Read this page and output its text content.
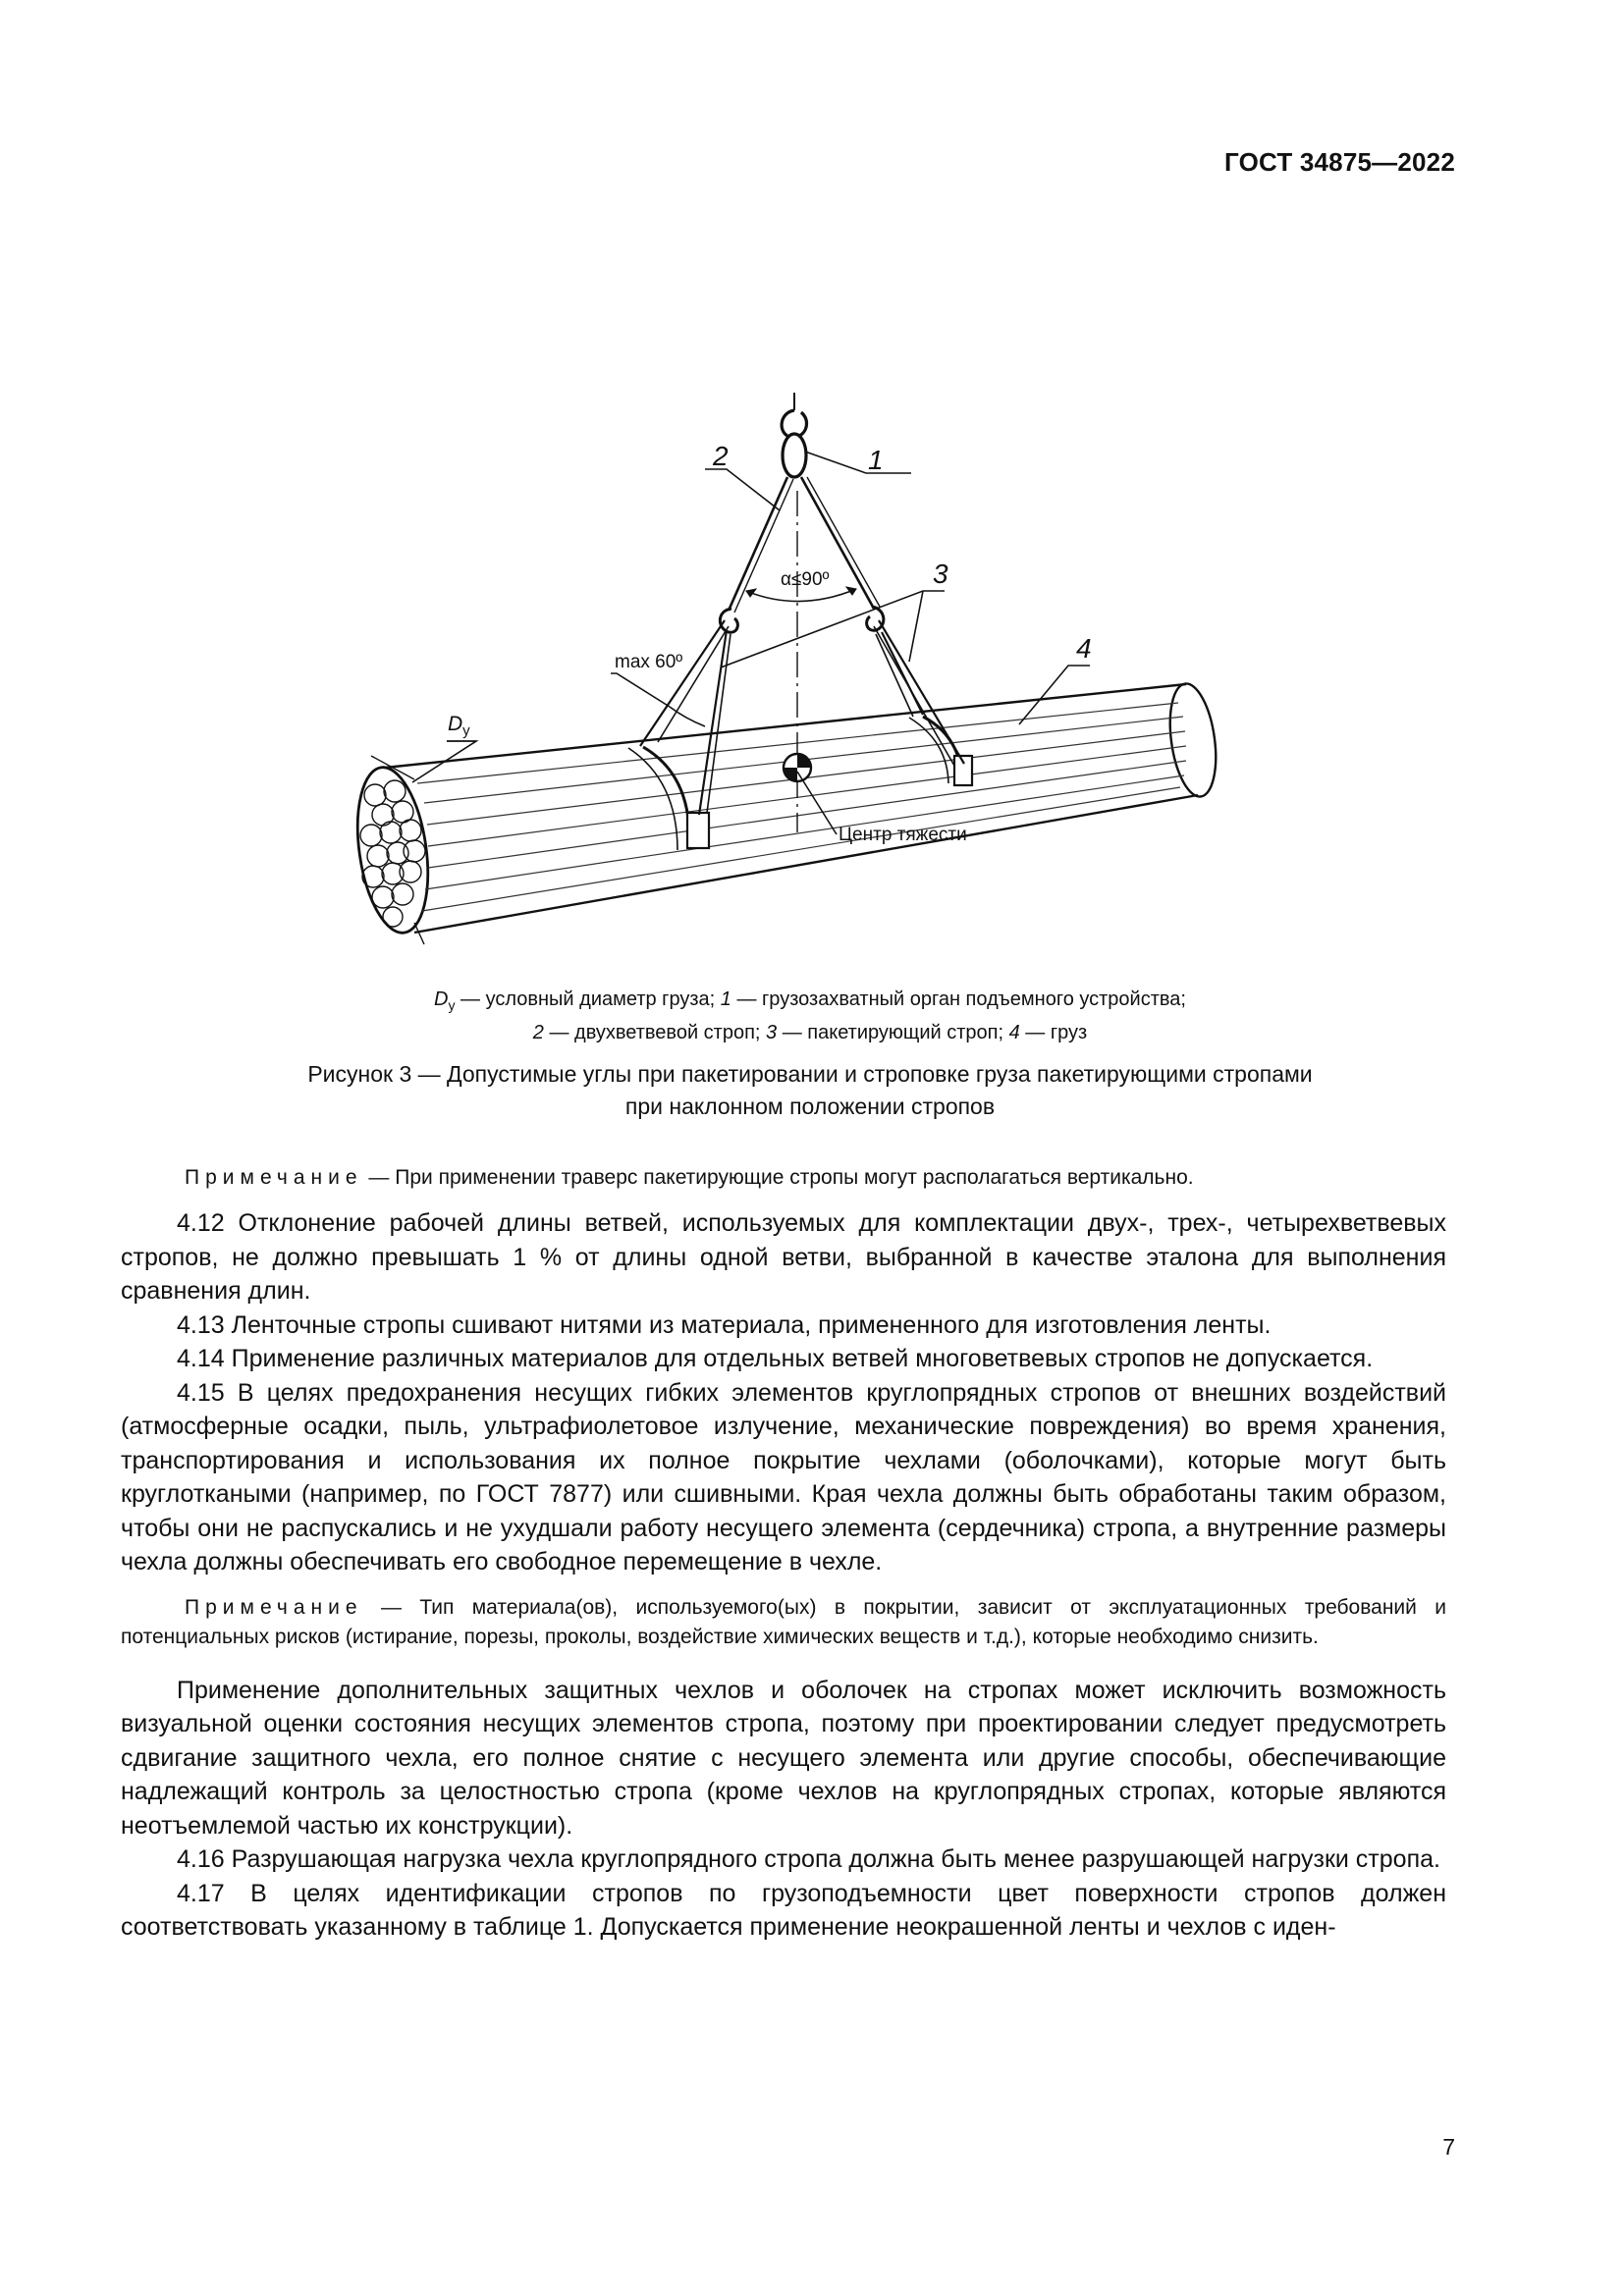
ГОСТ 34875—2022
1
2
3
4
α≤90º
max 60º
$D_у$
Центр тяжести
$D_у$ — условный диаметр груза; 1 — грузозахватный орган подъемного устройства;
2 — двухветвевой строп; 3 — пакетирующий строп; 4 — груз
Рисунок 3 — Допустимые углы при пакетировании и строповке груза пакетирующими стропами
при наклонном положении стропов

Примечание — При применении траверс пакетирующие стропы могут располагаться вертикально.

4.12 Отклонение рабочей длины ветвей, используемых для комплектации двух-, трех-, четырехветвевых стропов, не должно превышать 1 % от длины одной ветви, выбранной в качестве эталона для выполнения сравнения длин.

4.13 Ленточные стропы сшивают нитями из материала, примененного для изготовления ленты.

4.14 Применение различных материалов для отдельных ветвей многоветвевых стропов не допускается.

4.15 В целях предохранения несущих гибких элементов круглопрядных стропов от внешних воздействий (атмосферные осадки, пыль, ультрафиолетовое излучение, механические повреждения) во время хранения, транспортирования и использования их полное покрытие чехлами (оболочками), которые могут быть круглоткаными (например, по ГОСТ 7877) или сшивными. Края чехла должны быть обработаны таким образом, чтобы они не распускались и не ухудшали работу несущего элемента (сердечника) стропа, а внутренние размеры чехла должны обеспечивать его свободное перемещение в чехле.

Примечание — Тип материала(ов), используемого(ых) в покрытии, зависит от эксплуатационных требований и потенциальных рисков (истирание, порезы, проколы, воздействие химических веществ и т.д.), которые необходимо снизить.

Применение дополнительных защитных чехлов и оболочек на стропах может исключить возможность визуальной оценки состояния несущих элементов стропа, поэтому при проектировании следует предусмотреть сдвигание защитного чехла, его полное снятие с несущего элемента или другие способы, обеспечивающие надлежащий контроль за целостностью стропа (кроме чехлов на круглопрядных стропах, которые являются неотъемлемой частью их конструкции).

4.16 Разрушающая нагрузка чехла круглопрядного стропа должна быть менее разрушающей нагрузки стропа.

4.17 В целях идентификации стропов по грузоподъемности цвет поверхности стропов должен соответствовать указанному в таблице 1. Допускается применение неокрашенной ленты и чехлов с иден-

7
